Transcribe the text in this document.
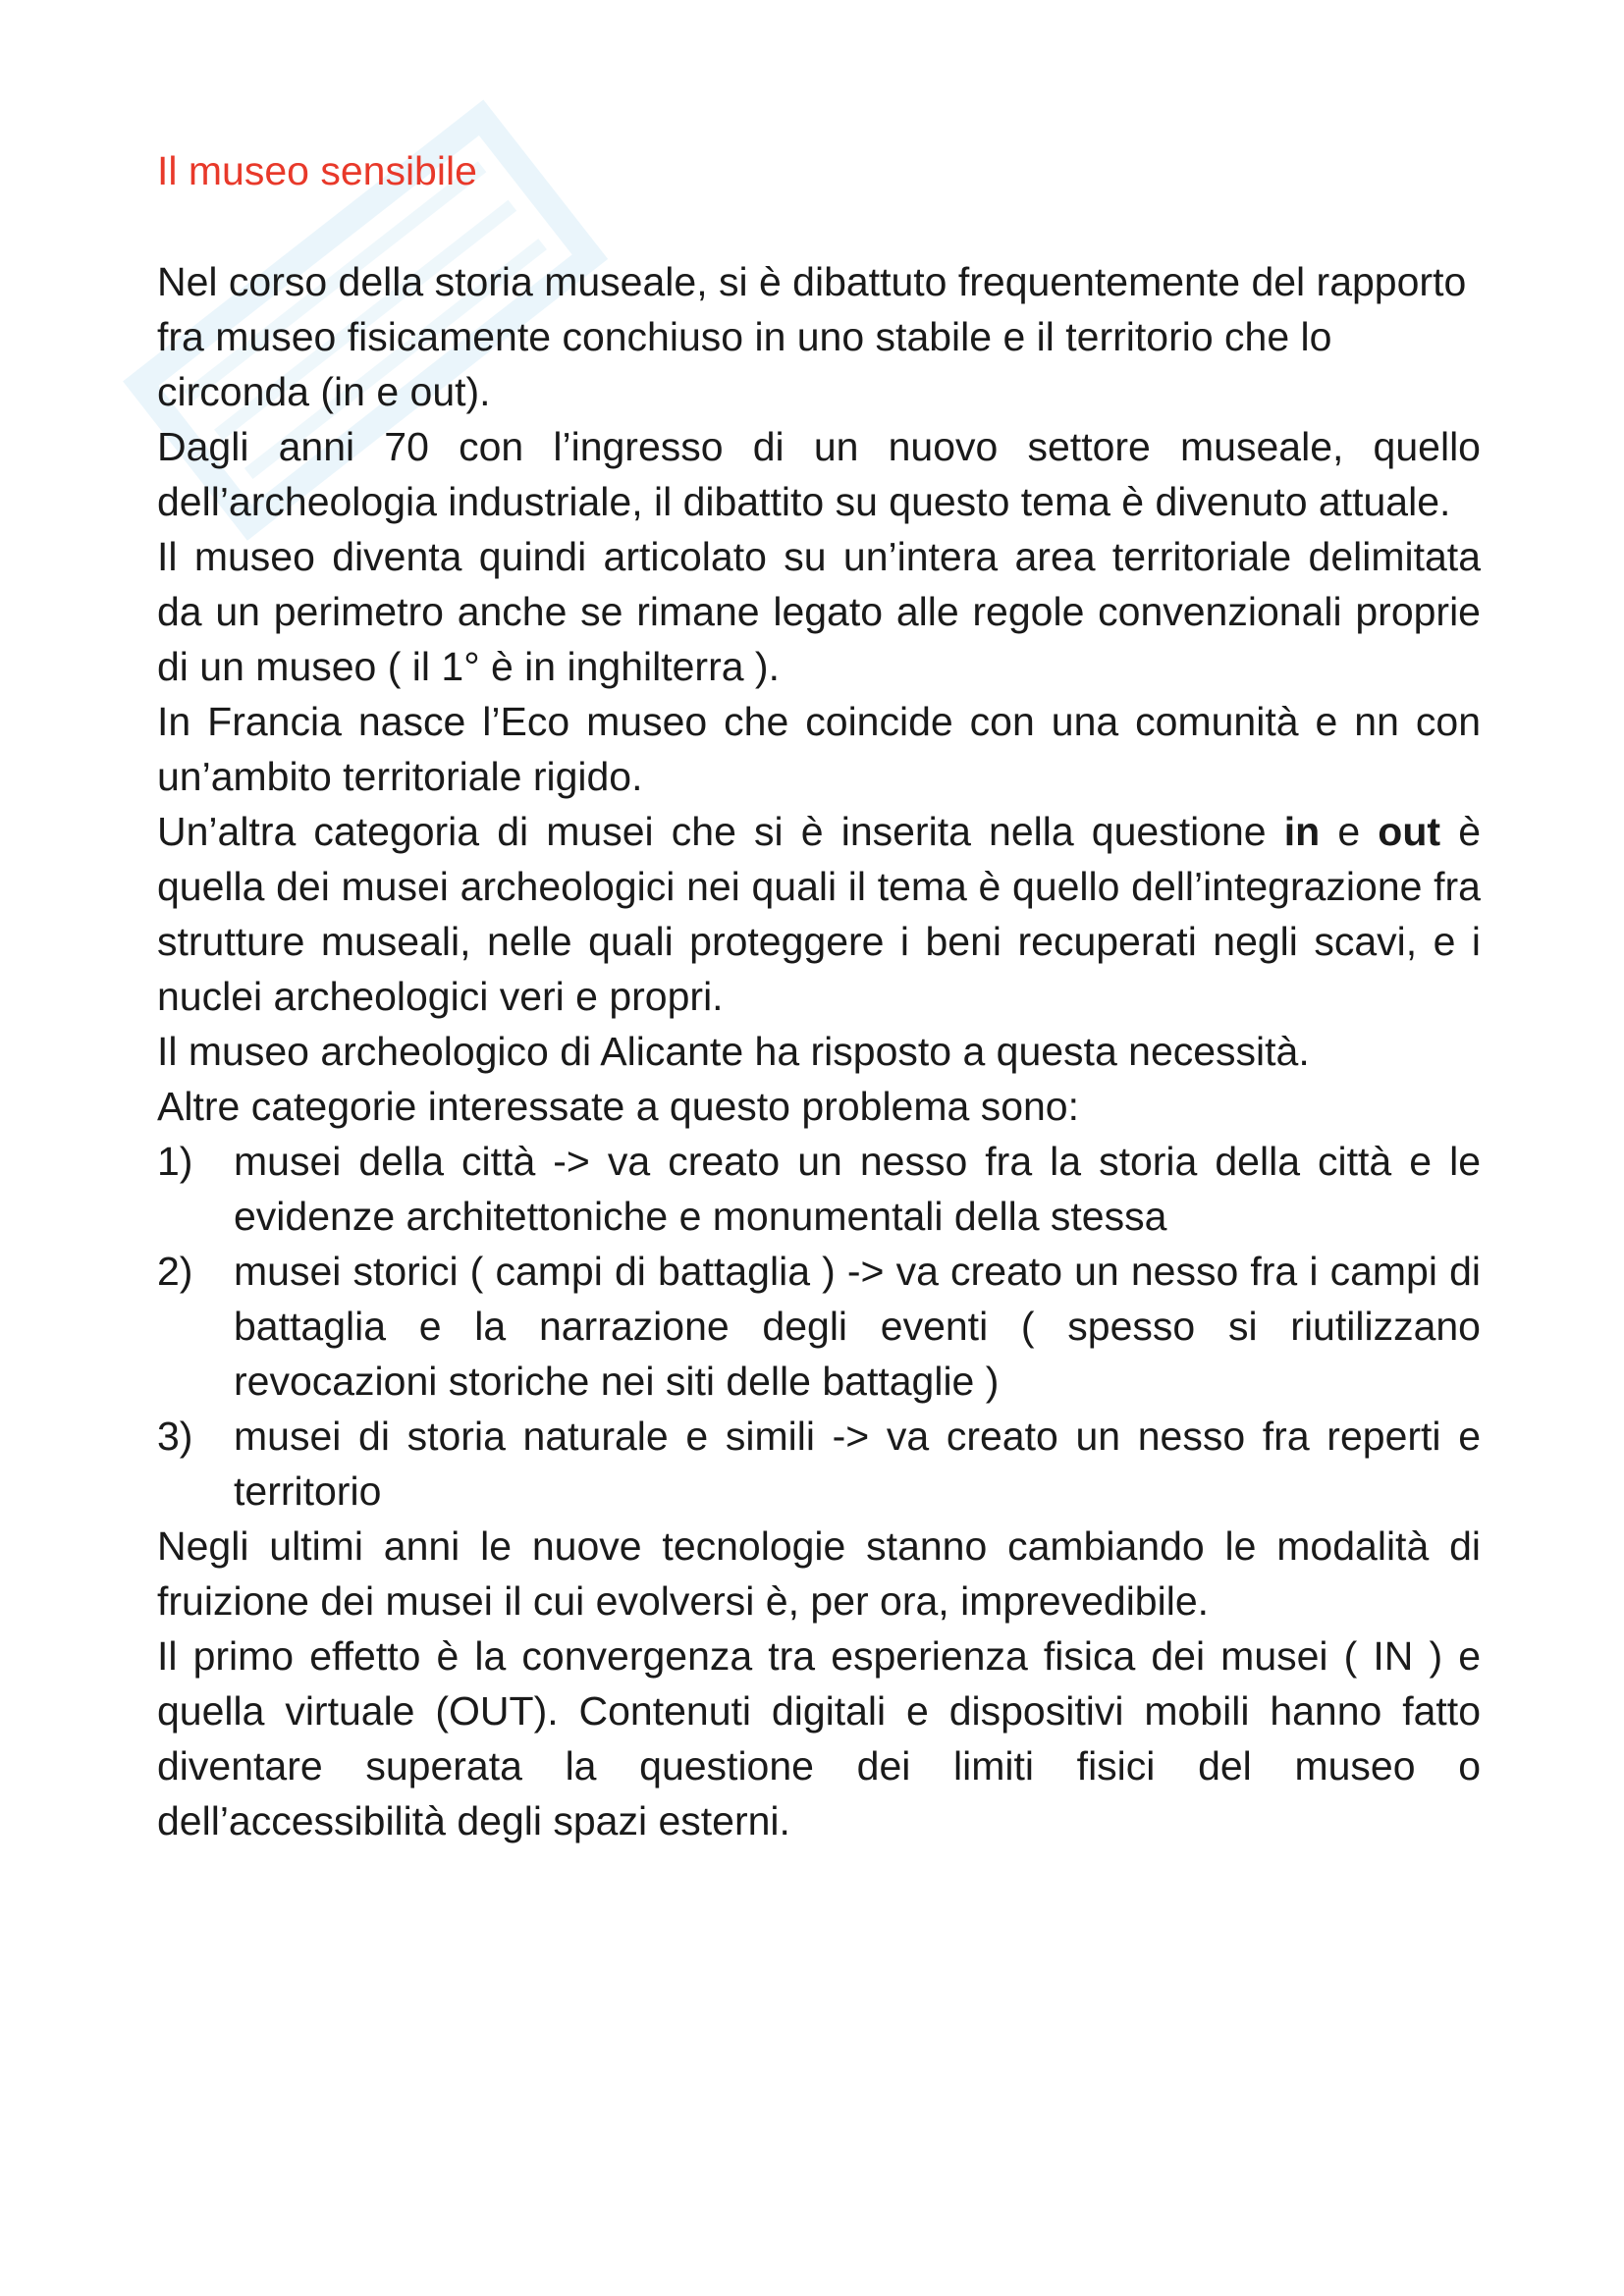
Il museo sensibile

Nel corso della storia museale, si è dibattuto frequentemente del rapporto fra museo fisicamente conchiuso in uno stabile e il territorio che lo circonda (in e out).

Dagli anni 70 con l’ingresso di un nuovo settore museale, quello dell’archeologia industriale, il dibattito su questo tema è divenuto attuale.

Il museo diventa quindi articolato su un’intera area territoriale delimitata da un perimetro anche se rimane legato alle regole convenzionali proprie di un museo ( il 1° è in inghilterra ).

In Francia nasce l’Eco museo che coincide con una comunità e nn con un’ambito territoriale rigido.

Un’altra categoria di musei che si è inserita nella questione in e out è quella dei musei archeologici nei quali il tema è quello dell’integrazione fra strutture museali, nelle quali proteggere i beni recuperati negli scavi, e i nuclei archeologici veri e propri.

Il museo archeologico di Alicante ha risposto a questa necessità.

Altre categorie interessate a questo problema sono:

1)	musei della città -> va creato un nesso fra la storia della città e le evidenze architettoniche e monumentali della stessa
2)	musei storici ( campi di battaglia ) -> va creato un nesso fra i campi di battaglia e la narrazione degli eventi ( spesso si riutilizzano revocazioni storiche nei siti delle battaglie )
3)	musei di storia naturale e simili -> va creato un nesso fra reperti e territorio

Negli ultimi anni le nuove tecnologie stanno cambiando le modalità di fruizione dei musei il cui evolversi è, per ora, imprevedibile.

Il primo effetto è la convergenza tra esperienza fisica dei musei ( IN ) e quella virtuale (OUT). Contenuti digitali e dispositivi mobili hanno fatto diventare superata la questione dei limiti fisici del museo o dell’accessibilità degli spazi esterni.
